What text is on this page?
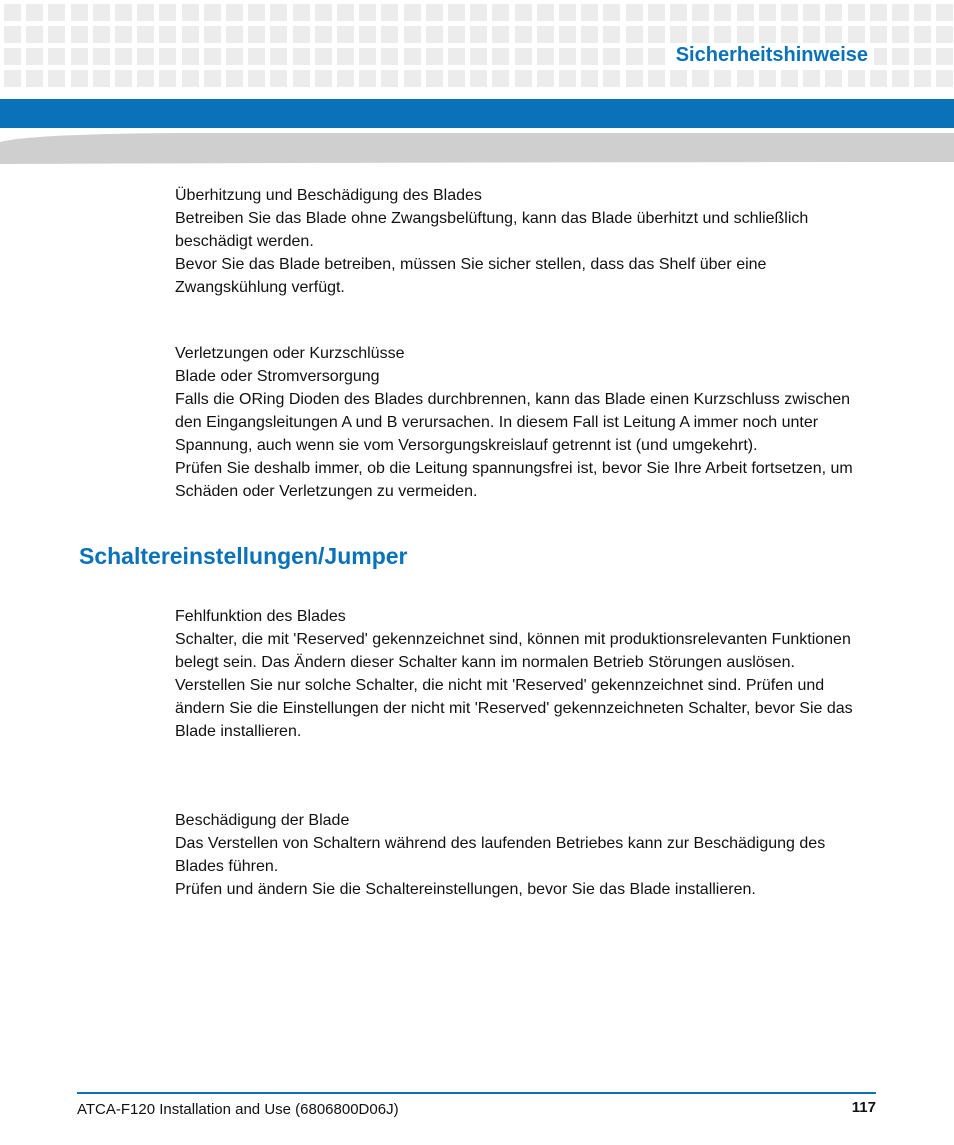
Sicherheitshinweise

Überhitzung und Beschädigung des Blades

Betreiben Sie das Blade ohne Zwangsbelüftung, kann das Blade überhitzt und schließlich beschädigt werden.

Bevor Sie das Blade betreiben, müssen Sie sicher stellen, dass das Shelf über eine Zwangskühlung verfügt.

Verletzungen oder Kurzschlüsse

Blade oder Stromversorgung

Falls die ORing Dioden des Blades durchbrennen, kann das Blade einen Kurzschluss zwischen den Eingangsleitungen A und B verursachen. In diesem Fall ist Leitung A immer noch unter Spannung, auch wenn sie vom Versorgungskreislauf getrennt ist (und umgekehrt).

Prüfen Sie deshalb immer, ob die Leitung spannungsfrei ist, bevor Sie Ihre Arbeit fortsetzen, um Schäden oder Verletzungen zu vermeiden.

Schaltereinstellungen/Jumper

Fehlfunktion des Blades

Schalter, die mit 'Reserved' gekennzeichnet sind, können mit produktionsrelevanten Funktionen belegt sein. Das Ändern dieser Schalter kann im normalen Betrieb Störungen auslösen.

Verstellen Sie nur solche Schalter, die nicht mit 'Reserved' gekennzeichnet sind. Prüfen und ändern Sie die Einstellungen der nicht mit 'Reserved' gekennzeichneten Schalter, bevor Sie das Blade installieren.

Beschädigung der Blade

Das Verstellen von Schaltern während des laufenden Betriebes kann zur Beschädigung des Blades führen.

Prüfen und ändern Sie die Schaltereinstellungen, bevor Sie das Blade installieren.

ATCA-F120 Installation and Use (6806800D06J)	117
